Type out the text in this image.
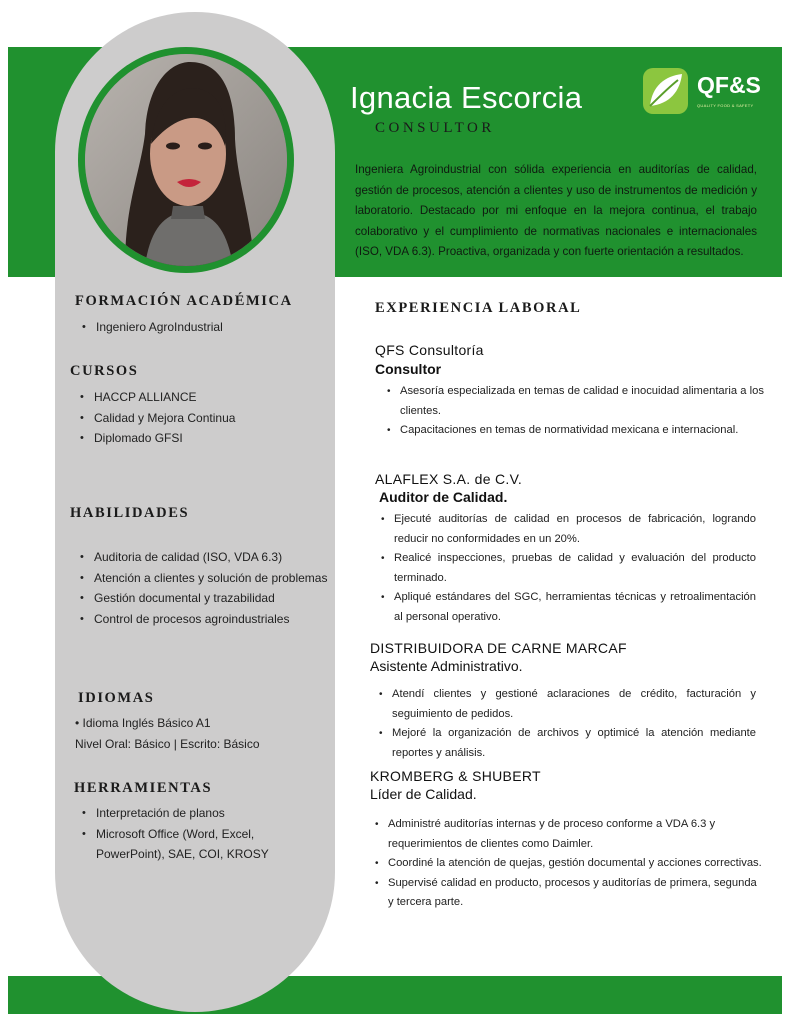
Ignacia Escorcia
CONSULTOR
QF&S
QUALITY FOOD & SAFETY
Ingeniera Agroindustrial con sólida experiencia en auditorías de calidad, gestión de procesos, atención a clientes y uso de instrumentos de medición y laboratorio. Destacado por mi enfoque en la mejora continua, el trabajo colaborativo y el cumplimiento de normativas nacionales e internacionales (ISO, VDA 6.3). Proactiva, organizada y con fuerte orientación a resultados.
FORMACIÓN ACADÉMICA
• Ingeniero AgroIndustrial
CURSOS
• HACCP ALLIANCE
• Calidad y Mejora Continua
• Diplomado GFSI
HABILIDADES
• Auditoria de calidad (ISO, VDA 6.3)
• Atención a clientes y solución de problemas
• Gestión documental y trazabilidad
• Control de procesos agroindustriales
IDIOMAS
• Idioma Inglés Básico A1
Nivel Oral: Básico | Escrito: Básico
HERRAMIENTAS
• Interpretación de planos
• Microsoft Office (Word, Excel, PowerPoint), SAE, COI, KROSY
EXPERIENCIA LABORAL
QFS Consultoría
Consultor
• Asesoría especializada en temas de calidad e inocuidad alimentaria a los clientes.
• Capacitaciones en temas de normatividad mexicana e internacional.
ALAFLEX S.A. de C.V.
Auditor de Calidad.
• Ejecuté auditorías de calidad en procesos de fabricación, logrando reducir no conformidades en un 20%.
• Realicé inspecciones, pruebas de calidad y evaluación del producto terminado.
• Apliqué estándares del SGC, herramientas técnicas y retroalimentación al personal operativo.
DISTRIBUIDORA DE CARNE MARCAF
Asistente Administrativo.
• Atendí clientes y gestioné aclaraciones de crédito, facturación y seguimiento de pedidos.
• Mejoré la organización de archivos y optimicé la atención mediante reportes y análisis.
KROMBERG & SHUBERT
Líder de Calidad.
• Administré auditorías internas y de proceso conforme a VDA 6.3 y requerimientos de clientes como Daimler.
• Coordiné la atención de quejas, gestión documental y acciones correctivas.
• Supervisé calidad en producto, procesos y auditorías de primera, segunda y tercera parte.
